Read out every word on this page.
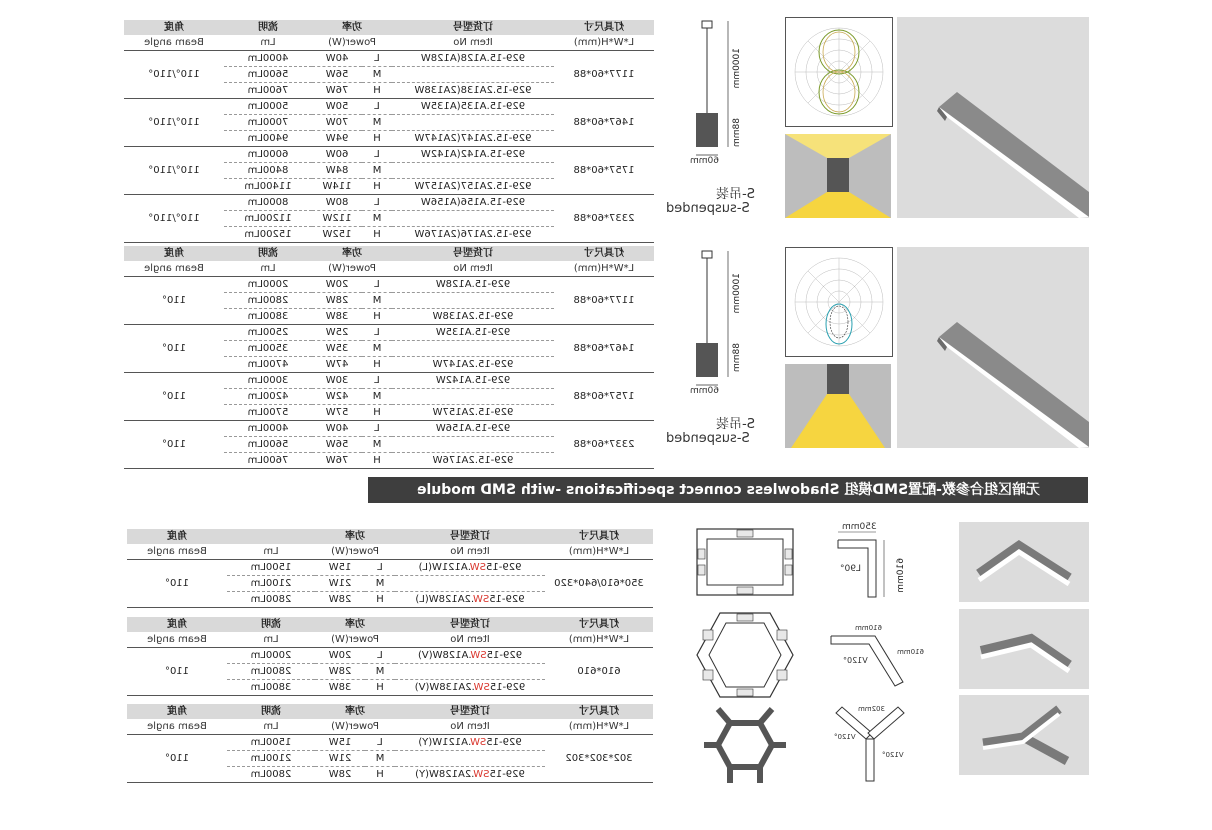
角度	流明	功率		订货型号	灯具尺寸

Beam angle	Lm	Power(W)		Item No	L*W*H(mm)

110°/110°	4000Lm	40W	L	929-15.A128(A128W	1177*60*88

	5600Lm	56W	M		

	7600Lm	76W	H	929-15.2A138(2A138W	

110°/110°	5000Lm	50W	L	929-15.A135(A135W	1467*60*88

	7000Lm	70W	M		

	9400Lm	94W	H	929-15.2A147(2A147W	

110°/110°	6000Lm	60W	L	929-15.A142(A142W	1757*60*88

	8400Lm	84W	M		

	11400Lm	114W	H	929-15.2A157(2A157W	

110°/110°	8000Lm	80W	L	929-15.A156(A156W	2337*60*88

	11200Lm	112W	M		

	15200Lm	152W	H	929-15.2A176(2A176W	
角度	流明	功率		订货型号	灯具尺寸

Beam angle	Lm	Power(W)		Item No	L*W*H(mm)

110°	2000Lm	20W	L	929-15.A128W	1177*60*88

	2800Lm	28W	M		

	3800Lm	38W	H	929-15.2A138W	

110°	2500Lm	25W	L	929-15.A135W	1467*60*88

	3500Lm	35W	M		

	4700Lm	47W	H	929-15.2A147W	

110°	3000Lm	30W	L	929-15.A142W	1757*60*88

	4200Lm	42W	M		

	5700Lm	57W	H	929-15.2A157W	

110°	4000Lm	40W	L	929-15.A156W	2337*60*88

	5600Lm	56W	M		

	7600Lm	76W	H	929-15.2A176W	
1000mm
88mm
60mm
S-吊装
S-suspended
1000mm
88mm
60mm
S-吊装
S-suspended
无暗区组合参数-配置SMD模组 Shadowless connect specifications -with SMD module
角度		功率		订货型号	灯具尺寸

Beam angle	Lm	Power(W)		Item No	L*W*H(mm)

110°	1500Lm	15W	L	929-15SW.A121W(L)	350*610/640*320

	2100Lm	21W	M		

	2800Lm	28W	H	929-15SW.2A128W(L)	
角度	流明	功率		订货型号	灯具尺寸

Beam angle	Lm	Power(W)		Item No	L*W*H(mm)

110°	2000Lm	20W	L	929-15SW.A128W(V)	610*610

	2800Lm	28W	M		

	3800Lm	38W	H	929-15SW.2A138W(V)	
角度	流明	功率		订货型号	灯具尺寸

Beam angle	Lm	Power(W)		Item No	L*W*H(mm)

110°	1500Lm	15W	L	929-15SW.A121W(Y)	302*302*302

	2100Lm	21W	M		

	2800Lm	28W	H	929-15SW.2A128W(Y)	
350mm
610mm
L90°
610mm
610mm
V120°
302mm
V120°
V120°
